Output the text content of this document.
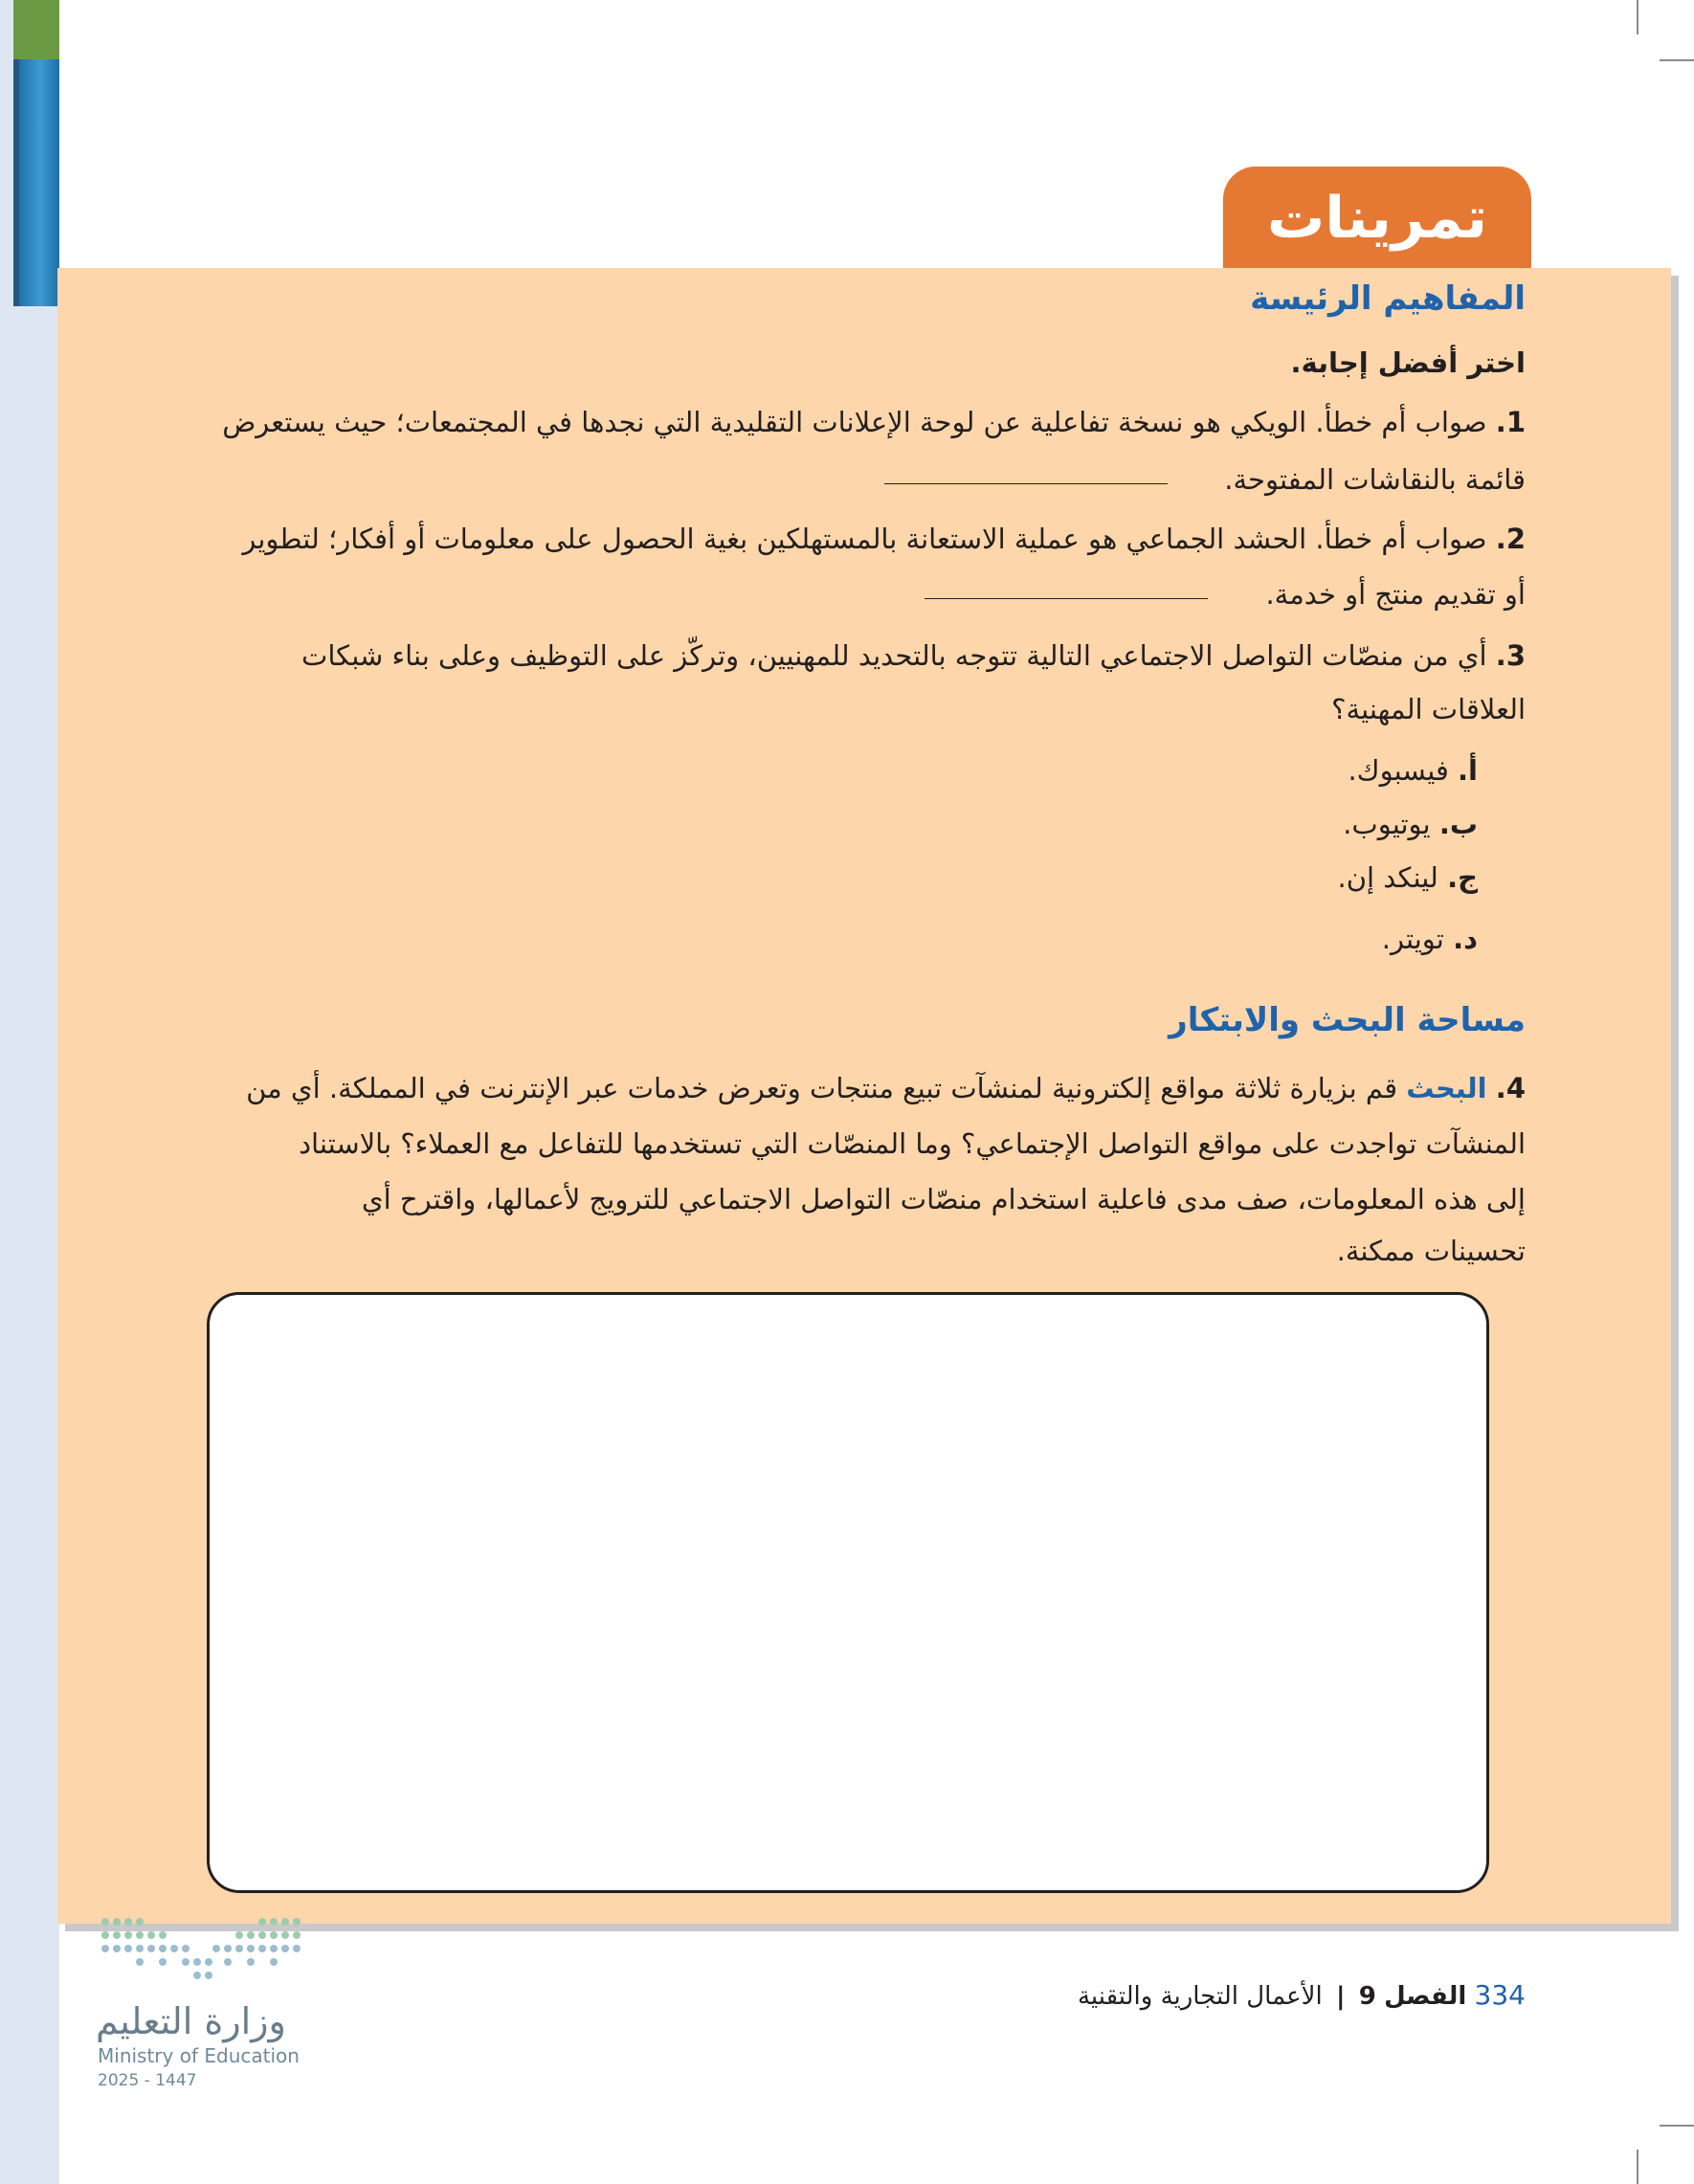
تمرينات
المفاهيم الرئيسة
اختر أفضل إجابة.
1. صواب أم خطأ. الويكي هو نسخة تفاعلية عن لوحة الإعلانات التقليدية التي نجدها في المجتمعات؛ حيث يستعرض
قائمة بالنقاشات المفتوحة.
2. صواب أم خطأ. الحشد الجماعي هو عملية الاستعانة بالمستهلكين بغية الحصول على معلومات أو أفكار؛ لتطوير
أو تقديم منتج أو خدمة.
3. أي من منصّات التواصل الاجتماعي التالية تتوجه بالتحديد للمهنيين، وتركّز على التوظيف وعلى بناء شبكات
العلاقات المهنية؟
أ. فيسبوك.
ب. يوتيوب.
ج. لينكد إن.
د. تويتر.
مساحة البحث والابتكار
4. البحث قم بزيارة ثلاثة مواقع إلكترونية لمنشآت تبيع منتجات وتعرض خدمات عبر الإنترنت في المملكة. أي من
المنشآت تواجدت على مواقع التواصل الإجتماعي؟ وما المنصّات التي تستخدمها للتفاعل مع العملاء؟ بالاستناد
إلى هذه المعلومات، صف مدى فاعلية استخدام منصّات التواصل الاجتماعي للترويج لأعمالها، واقترح أي
تحسينات ممكنة.
وزارة التعليم
Ministry of Education
2025 - 1447
334 الفصل 9 | الأعمال التجارية والتقنية
